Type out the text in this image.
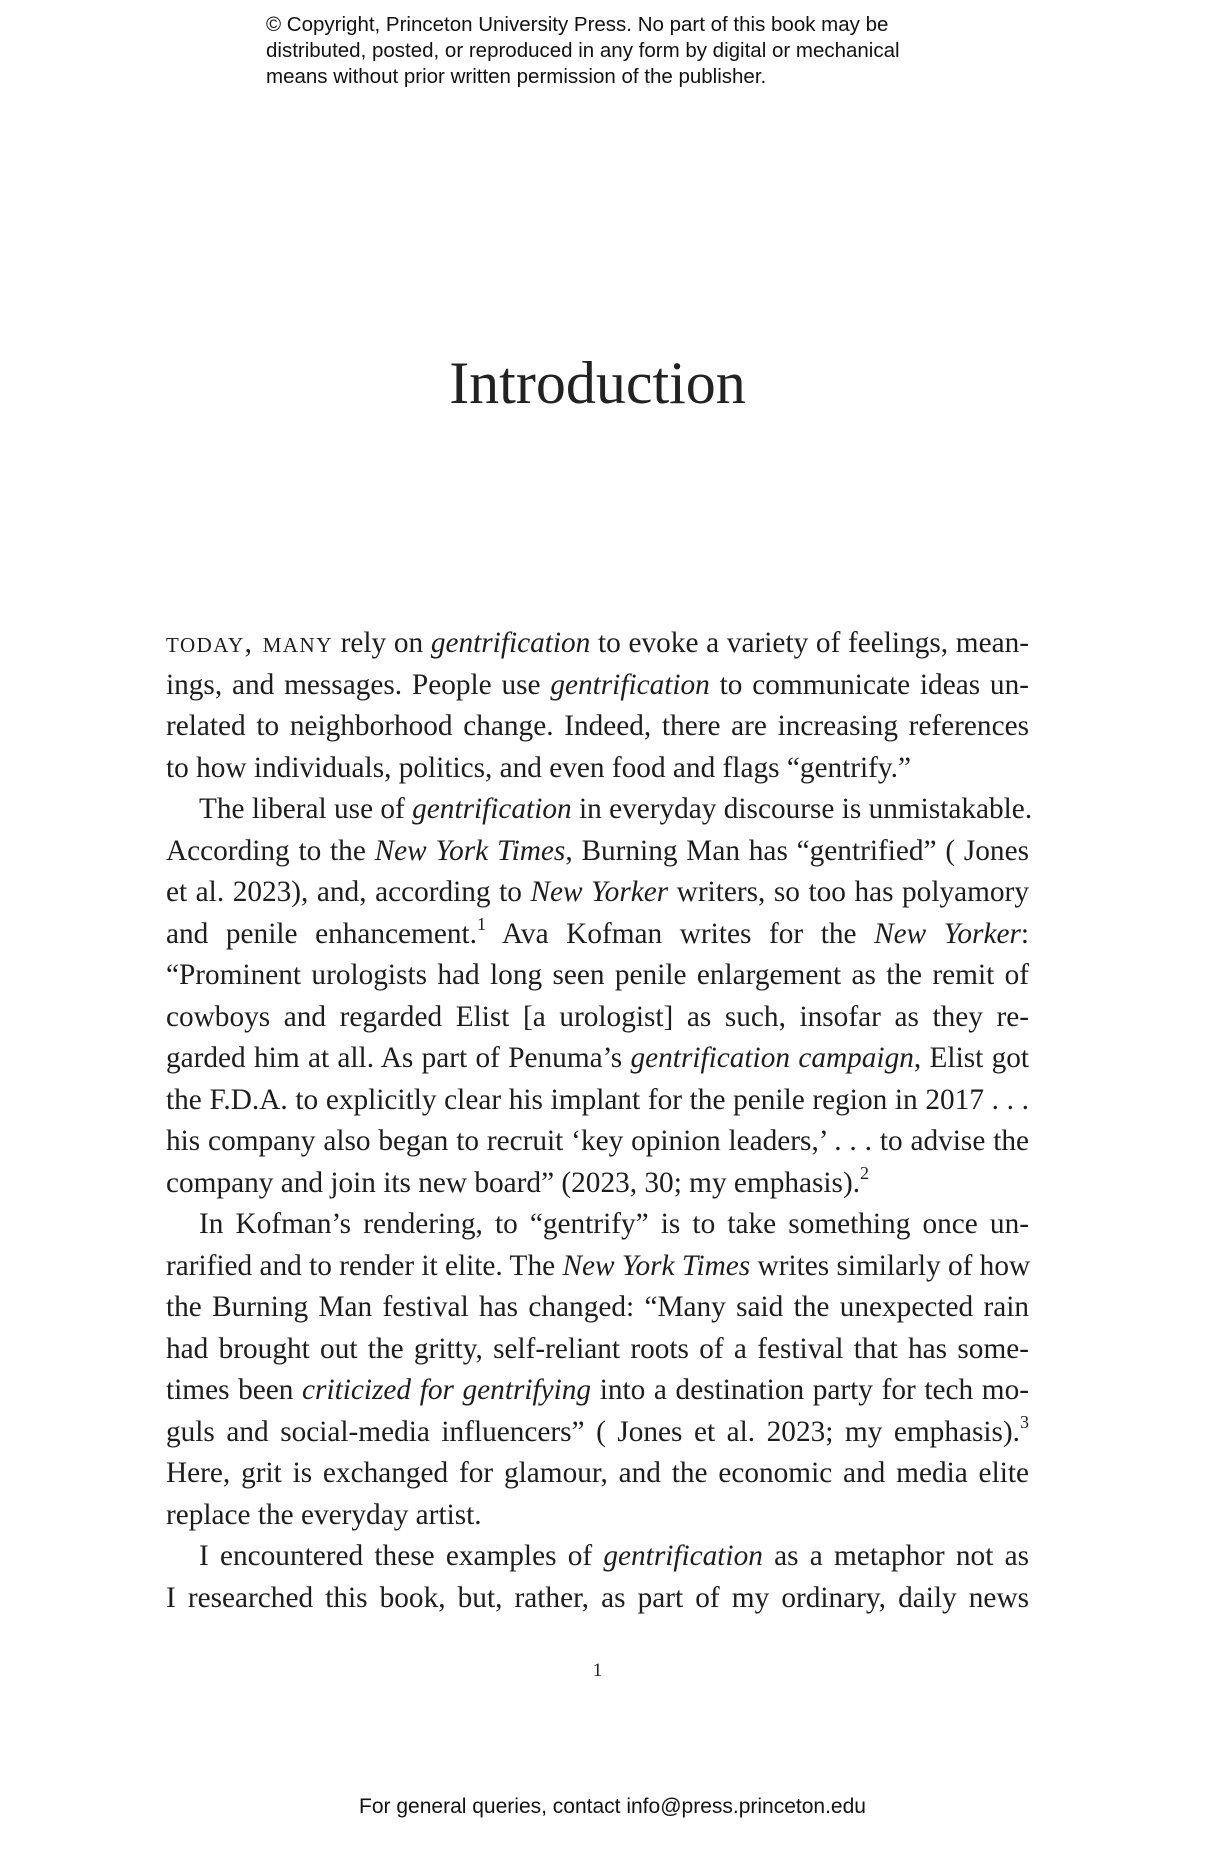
© Copyright, Princeton University Press. No part of this book may be
distributed, posted, or reproduced in any form by digital or mechanical
means without prior written permission of the publisher.
Introduction
today, many rely on gentrification to evoke a variety of feelings, mean-
ings, and messages. People use gentrification to communicate ideas un-
related to neighborhood change. Indeed, there are increasing references
to how individuals, politics, and even food and flags “gentrify.”
The liberal use of gentrification in everyday discourse is unmistakable.
According to the New York Times, Burning Man has “gentrified” ( Jones
et al. 2023), and, according to New Yorker writers, so too has polyamory
and penile enhancement.$^1$ Ava Kofman writes for the New Yorker:
“Prominent urologists had long seen penile enlargement as the remit of
cowboys and regarded Elist [a urologist] as such, insofar as they re-
garded him at all. As part of Penuma’s gentrification campaign, Elist got
the F.D.A. to explicitly clear his implant for the penile region in 2017 . . .
his company also began to recruit ‘key opinion leaders,’ . . . to advise the
company and join its new board” (2023, 30; my emphasis).$^2$
In Kofman’s rendering, to “gentrify” is to take something once un-
rarified and to render it elite. The New York Times writes similarly of how
the Burning Man festival has changed: “Many said the unexpected rain
had brought out the gritty, self-reliant roots of a festival that has some-
times been criticized for gentrifying into a destination party for tech mo-
guls and social-media influencers” ( Jones et al. 2023; my emphasis).$^3$
Here, grit is exchanged for glamour, and the economic and media elite
replace the everyday artist.
I encountered these examples of gentrification as a metaphor not as
I researched this book, but, rather, as part of my ordinary, daily news
1
For general queries, contact info@press.princeton.edu
